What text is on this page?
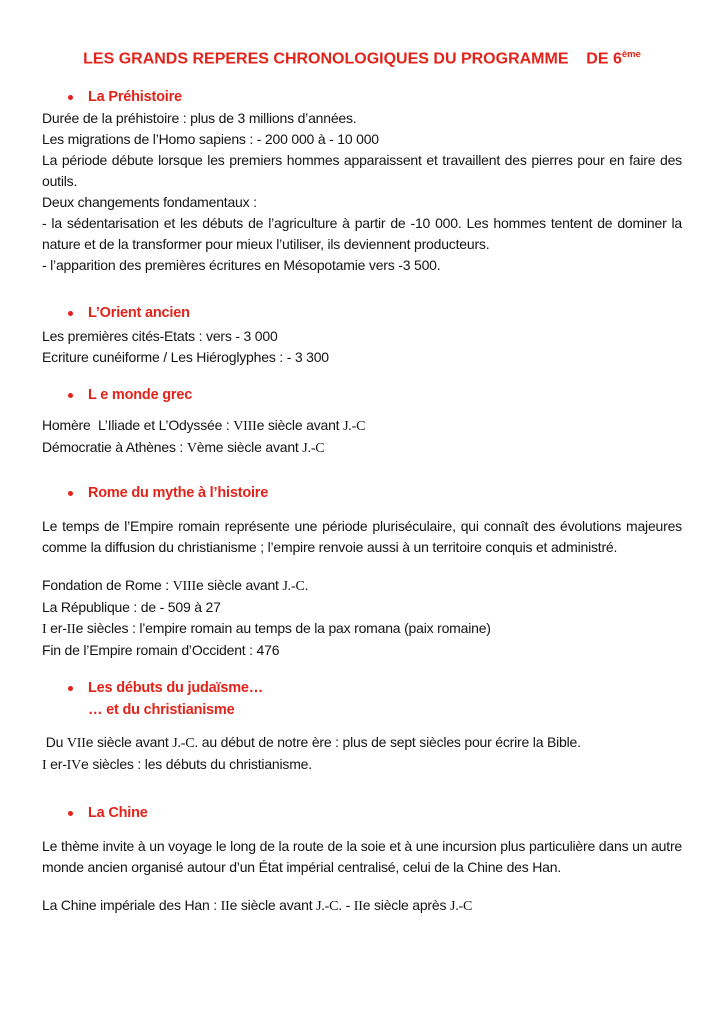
LES GRANDS REPERES CHRONOLOGIQUES DU PROGRAMME    DE 6ème
La Préhistoire

Durée de la préhistoire : plus de 3 millions d’années.

Les migrations de l’Homo sapiens : - 200 000 à - 10 000

La période débute lorsque les premiers hommes apparaissent et travaillent des pierres pour en faire des outils.

Deux changements fondamentaux :

- la sédentarisation et les débuts de l’agriculture à partir de -10 000. Les hommes tentent de dominer la nature et de la transformer pour mieux l’utiliser, ils deviennent producteurs.

- l’apparition des premières écritures en Mésopotamie vers -3 500.

L’Orient ancien

Les premières cités-Etats : vers - 3 000

Ecriture cunéiforme / Les Hiéroglyphes : - 3 300

L e monde grec

Homère  L’Iliade et L’Odyssée : VIIIe siècle avant J.-C

Démocratie à Athènes : Vème siècle avant J.-C

Rome du mythe à l’histoire

Le temps de l’Empire romain représente une période pluriséculaire, qui connaît des évolutions majeures comme la diffusion du christianisme ; l’empire renvoie aussi à un territoire conquis et administré.

Fondation de Rome : VIIIe siècle avant J.-C.

La République : de - 509 à 27

I er-IIe siècles : l’empire romain au temps de la pax romana (paix romaine)

Fin de l’Empire romain d’Occident : 476

Les débuts du judaïsme…
… et du christianisme

Du VIIe siècle avant J.-C. au début de notre ère : plus de sept siècles pour écrire la Bible.

I er-IVe siècles : les débuts du christianisme.

La Chine

Le thème invite à un voyage le long de la route de la soie et à une incursion plus particulière dans un autre monde ancien organisé autour d’un État impérial centralisé, celui de la Chine des Han.

La Chine impériale des Han : IIe siècle avant J.-C. - IIe siècle après J.-C
